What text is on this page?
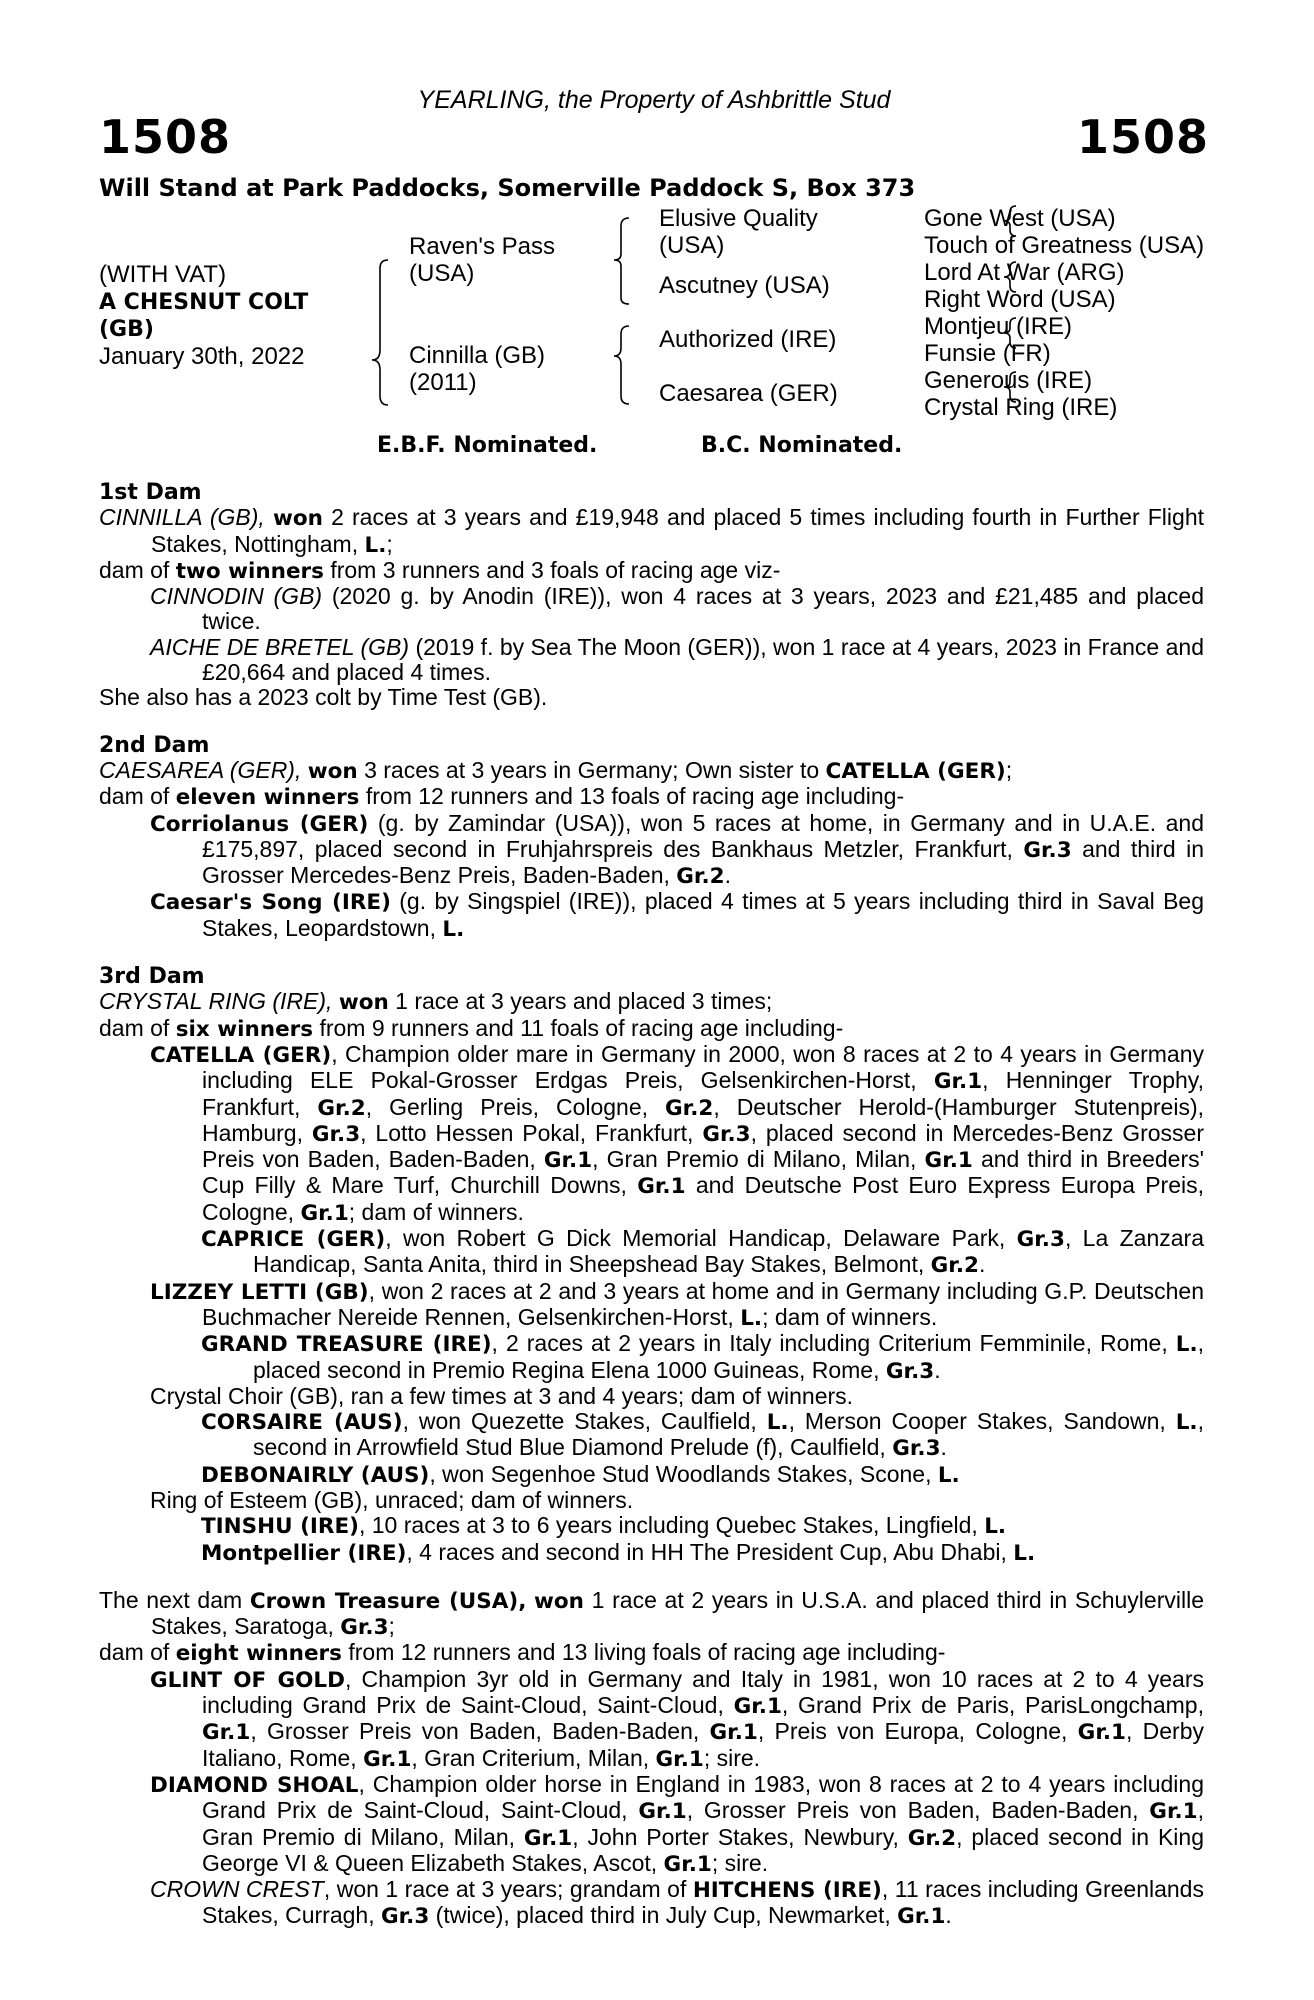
YEARLING, the Property of Ashbrittle Stud
1508	1508
Will Stand at Park Paddocks, Somerville Paddock S, Box 373
(WITH VAT)
A CHESNUT COLT
(GB)
January 30th, 2022
Raven's Pass
(USA)
Cinnilla (GB)
(2011)
Elusive Quality
(USA)
Ascutney (USA)
Authorized (IRE)
Caesarea (GER)
Gone West (USA)
Touch of Greatness (USA)
Lord At War (ARG)
Right Word (USA)
Montjeu (IRE)
Funsie (FR)
Generous (IRE)
Crystal Ring (IRE)
E.B.F. Nominated.	B.C. Nominated.
1st Dam

CINNILLA (GB), won 2 races at 3 years and £19,948 and placed 5 times including fourth in Further Flight Stakes, Nottingham, L.;

dam of two winners from 3 runners and 3 foals of racing age viz-

CINNODIN (GB) (2020 g. by Anodin (IRE)), won 4 races at 3 years, 2023 and £21,485 and placed twice.

AICHE DE BRETEL (GB) (2019 f. by Sea The Moon (GER)), won 1 race at 4 years, 2023 in France and £20,664 and placed 4 times.

She also has a 2023 colt by Time Test (GB).

2nd Dam

CAESAREA (GER), won 3 races at 3 years in Germany; Own sister to CATELLA (GER);

dam of eleven winners from 12 runners and 13 foals of racing age including-

Corriolanus (GER) (g. by Zamindar (USA)), won 5 races at home, in Germany and in U.A.E. and £175,897, placed second in Fruhjahrspreis des Bankhaus Metzler, Frankfurt, Gr.3 and third in Grosser Mercedes-Benz Preis, Baden-Baden, Gr.2.

Caesar's Song (IRE) (g. by Singspiel (IRE)), placed 4 times at 5 years including third in Saval Beg Stakes, Leopardstown, L.

3rd Dam

CRYSTAL RING (IRE), won 1 race at 3 years and placed 3 times;

dam of six winners from 9 runners and 11 foals of racing age including-

CATELLA (GER), Champion older mare in Germany in 2000, won 8 races at 2 to 4 years in Germany including ELE Pokal-Grosser Erdgas Preis, Gelsenkirchen-Horst, Gr.1, Henninger Trophy, Frankfurt, Gr.2, Gerling Preis, Cologne, Gr.2, Deutscher Herold-(Hamburger Stutenpreis), Hamburg, Gr.3, Lotto Hessen Pokal, Frankfurt, Gr.3, placed second in Mercedes-Benz Grosser Preis von Baden, Baden-Baden, Gr.1, Gran Premio di Milano, Milan, Gr.1 and third in Breeders' Cup Filly & Mare Turf, Churchill Downs, Gr.1 and Deutsche Post Euro Express Europa Preis, Cologne, Gr.1; dam of winners.

CAPRICE (GER), won Robert G Dick Memorial Handicap, Delaware Park, Gr.3, La Zanzara Handicap, Santa Anita, third in Sheepshead Bay Stakes, Belmont, Gr.2.

LIZZEY LETTI (GB), won 2 races at 2 and 3 years at home and in Germany including G.P. Deutschen Buchmacher Nereide Rennen, Gelsenkirchen-Horst, L.; dam of winners.

GRAND TREASURE (IRE), 2 races at 2 years in Italy including Criterium Femminile, Rome, L., placed second in Premio Regina Elena 1000 Guineas, Rome, Gr.3.

Crystal Choir (GB), ran a few times at 3 and 4 years; dam of winners.

CORSAIRE (AUS), won Quezette Stakes, Caulfield, L., Merson Cooper Stakes, Sandown, L., second in Arrowfield Stud Blue Diamond Prelude (f), Caulfield, Gr.3.

DEBONAIRLY (AUS), won Segenhoe Stud Woodlands Stakes, Scone, L.

Ring of Esteem (GB), unraced; dam of winners.

TINSHU (IRE), 10 races at 3 to 6 years including Quebec Stakes, Lingfield, L.

Montpellier (IRE), 4 races and second in HH The President Cup, Abu Dhabi, L.

The next dam Crown Treasure (USA), won 1 race at 2 years in U.S.A. and placed third in Schuylerville Stakes, Saratoga, Gr.3;

dam of eight winners from 12 runners and 13 living foals of racing age including-

GLINT OF GOLD, Champion 3yr old in Germany and Italy in 1981, won 10 races at 2 to 4 years including Grand Prix de Saint-Cloud, Saint-Cloud, Gr.1, Grand Prix de Paris, ParisLongchamp, Gr.1, Grosser Preis von Baden, Baden-Baden, Gr.1, Preis von Europa, Cologne, Gr.1, Derby Italiano, Rome, Gr.1, Gran Criterium, Milan, Gr.1; sire.

DIAMOND SHOAL, Champion older horse in England in 1983, won 8 races at 2 to 4 years including Grand Prix de Saint-Cloud, Saint-Cloud, Gr.1, Grosser Preis von Baden, Baden-Baden, Gr.1, Gran Premio di Milano, Milan, Gr.1, John Porter Stakes, Newbury, Gr.2, placed second in King George VI & Queen Elizabeth Stakes, Ascot, Gr.1; sire.

CROWN CREST, won 1 race at 3 years; grandam of HITCHENS (IRE), 11 races including Greenlands Stakes, Curragh, Gr.3 (twice), placed third in July Cup, Newmarket, Gr.1.
